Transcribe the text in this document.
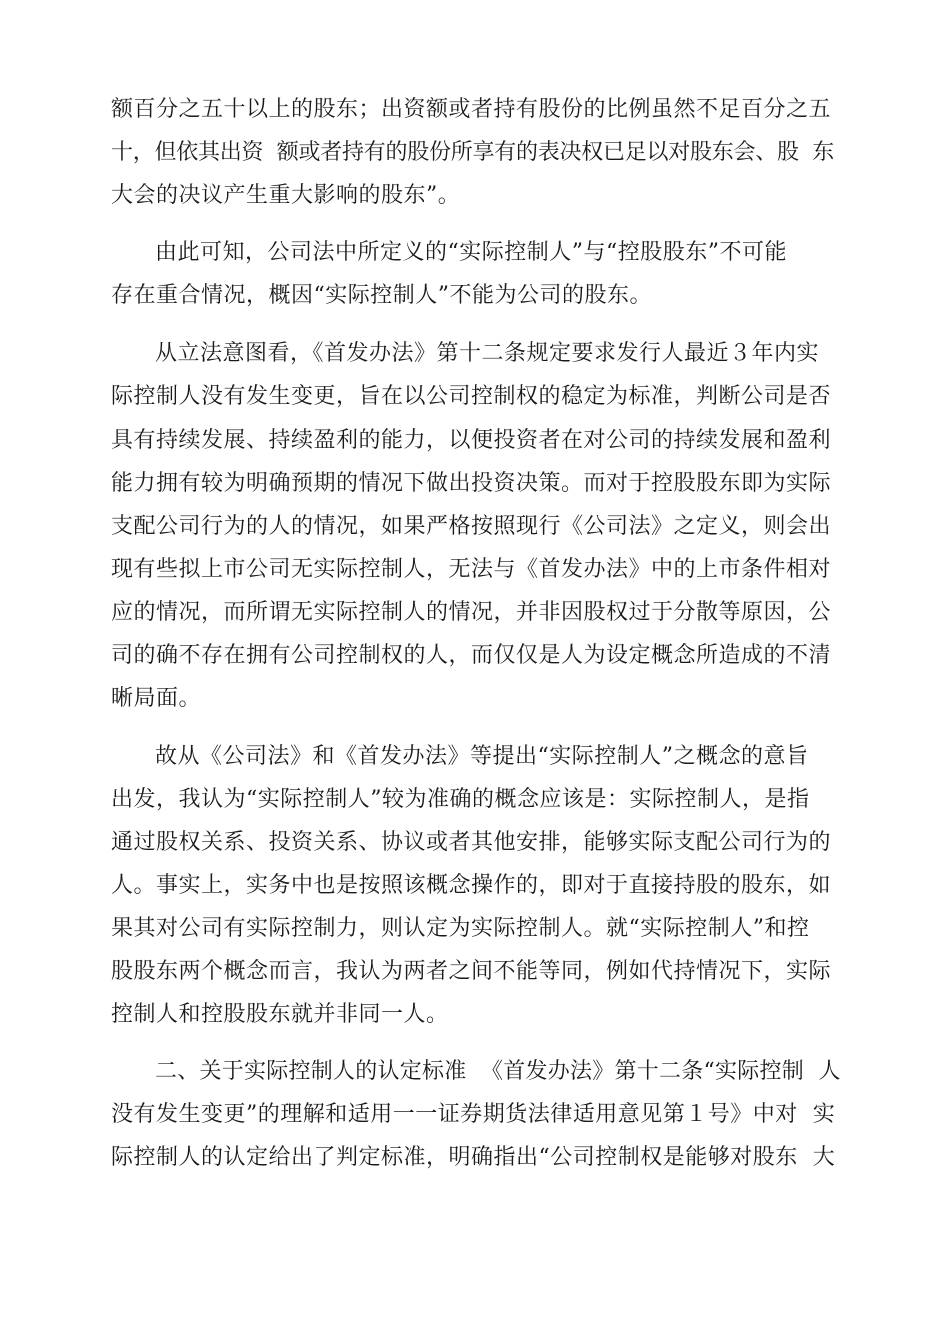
额百分之五十以上的股东；出资额或者持有股份的比例虽然不足百分之五
十，但依其出资  额或者持有的股份所享有的表决权已足以对股东会、股  东
大会的决议产生重大影响的股东”。
由此可知，公司法中所定义的“实际控制人”与“控股股东”不可能
存在重合情况，概因“实际控制人”不能为公司的股东。
从立法意图看，《首发办法》第十二条规定要求发行人最近３年内实
际控制人没有发生变更，旨在以公司控制权的稳定为标准，判断公司是否
具有持续发展、持续盈利的能力，以便投资者在对公司的持续发展和盈利
能力拥有较为明确预期的情况下做出投资决策。而对于控股股东即为实际
支配公司行为的人的情况，如果严格按照现行《公司法》之定义，则会出
现有些拟上市公司无实际控制人，无法与《首发办法》中的上市条件相对
应的情况，而所谓无实际控制人的情况，并非因股权过于分散等原因，公
司的确不存在拥有公司控制权的人，而仅仅是人为设定概念所造成的不清
晰局面。
故从《公司法》和《首发办法》等提出“实际控制人”之概念的意旨
出发，我认为“实际控制人”较为准确的概念应该是：实际控制人，是指
通过股权关系、投资关系、协议或者其他安排，能够实际支配公司行为的
人。事实上，实务中也是按照该概念操作的，即对于直接持股的股东，如
果其对公司有实际控制力，则认定为实际控制人。就“实际控制人”和控
股股东两个概念而言，我认为两者之间不能等同，例如代持情况下，实际
控制人和控股股东就并非同一人。
二、关于实际控制人的认定标准  《首发办法》第十二条“实际控制  人
没有发生变更”的理解和适用一一证券期货法律适用意见第１号》中对  实
际控制人的认定给出了判定标准，明确指出“公司控制权是能够对股东  大
